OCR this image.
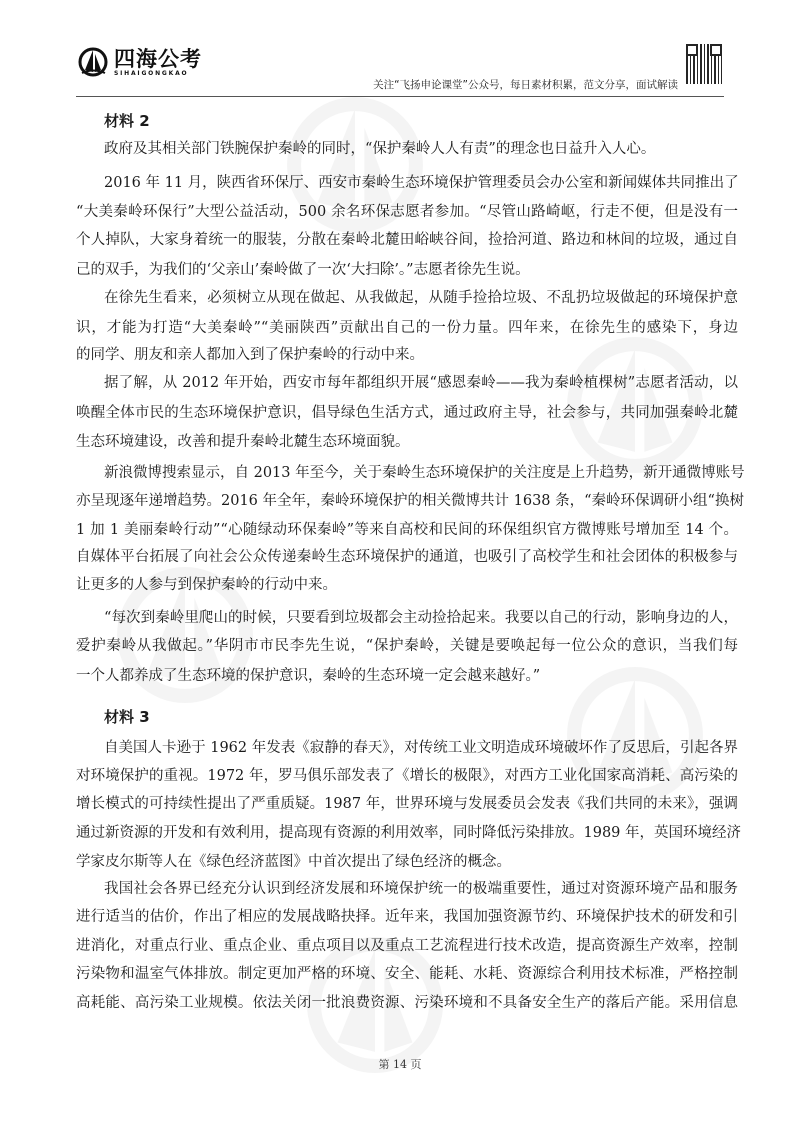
四海公考
SIHAIGONGKAO
关注“飞扬申论课堂”公众号，每日素材积累，范文分享，面试解读
材料 2
材料 3
政府及其相关部门铁腕保护秦岭的同时，“保护秦岭人人有责”的理念也日益升入人心。
2016 年 11 月，陕西省环保厅、西安市秦岭生态环境保护管理委员会办公室和新闻媒体共同推出了
“大美秦岭环保行”大型公益活动，500 余名环保志愿者参加。“尽管山路崎岖，行走不便，但是没有一
个人掉队，大家身着统一的服装，分散在秦岭北麓田峪峡谷间，捡拾河道、路边和林间的垃圾，通过自
己的双手，为我们的‘父亲山’秦岭做了一次‘大扫除’。”志愿者徐先生说。
在徐先生看来，必须树立从现在做起、从我做起，从随手捡拾垃圾、不乱扔垃圾做起的环境保护意
识，才能为打造“大美秦岭”“美丽陕西”贡献出自己的一份力量。四年来，在徐先生的感染下，身边
的同学、朋友和亲人都加入到了保护秦岭的行动中来。
据了解，从 2012 年开始，西安市每年都组织开展“感恩秦岭——我为秦岭植棵树”志愿者活动，以
唤醒全体市民的生态环境保护意识，倡导绿色生活方式，通过政府主导，社会参与，共同加强秦岭北麓
生态环境建设，改善和提升秦岭北麓生态环境面貌。
新浪微博搜索显示，自 2013 年至今，关于秦岭生态环境保护的关注度是上升趋势，新开通微博账号
亦呈现逐年递增趋势。2016 年全年，秦岭环境保护的相关微博共计 1638 条，“秦岭环保调研小组“换树
1 加 1 美丽秦岭行动”“心随绿动环保秦岭”等来自高校和民间的环保组织官方微博账号增加至 14 个。
自媒体平台拓展了向社会公众传递秦岭生态环境保护的通道，也吸引了高校学生和社会团体的积极参与
让更多的人参与到保护秦岭的行动中来。
“每次到秦岭里爬山的时候，只要看到垃圾都会主动捡拾起来。我要以自己的行动，影响身边的人，
爱护秦岭从我做起。”华阴市市民李先生说，“保护秦岭，关键是要唤起每一位公众的意识，当我们每
一个人都养成了生态环境的保护意识，秦岭的生态环境一定会越来越好。”
自美国人卡逊于 1962 年发表《寂静的春天》，对传统工业文明造成环境破坏作了反思后，引起各界
对环境保护的重视。1972 年，罗马俱乐部发表了《增长的极限》，对西方工业化国家高消耗、高污染的
增长模式的可持续性提出了严重质疑。1987 年，世界环境与发展委员会发表《我们共同的未来》，强调
通过新资源的开发和有效利用，提高现有资源的利用效率，同时降低污染排放。1989 年，英国环境经济
学家皮尔斯等人在《绿色经济蓝图》中首次提出了绿色经济的概念。
我国社会各界已经充分认识到经济发展和环境保护统一的极端重要性，通过对资源环境产品和服务
进行适当的估价，作出了相应的发展战略抉择。近年来，我国加强资源节约、环境保护技术的研发和引
进消化，对重点行业、重点企业、重点项目以及重点工艺流程进行技术改造，提高资源生产效率，控制
污染物和温室气体排放。制定更加严格的环境、安全、能耗、水耗、资源综合利用技术标准，严格控制
高耗能、高污染工业规模。依法关闭一批浪费资源、污染环境和不具备安全生产的落后产能。采用信息
第 14 页
